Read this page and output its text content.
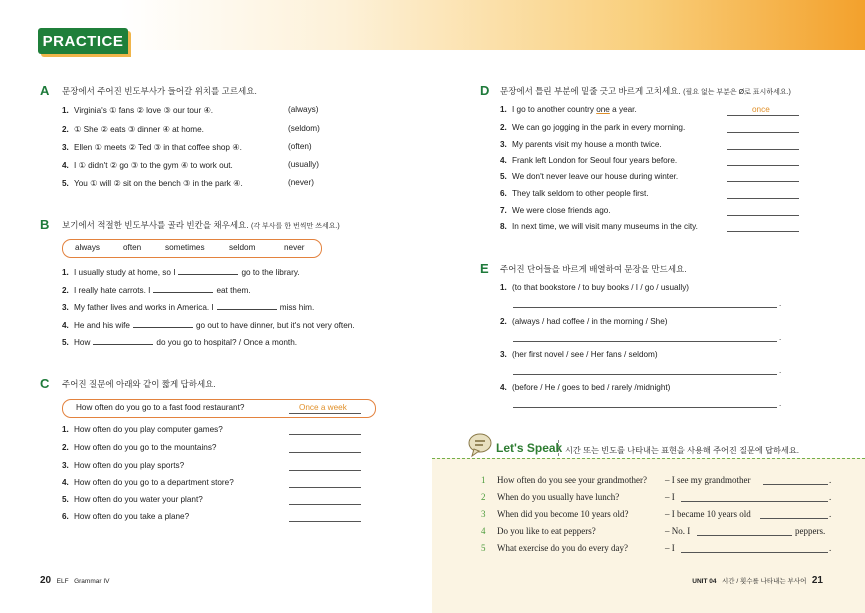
PRACTICE
A 문장에서 주어진 빈도부사가 들어갈 위치를 고르세요.
1. Virginia's ① fans ② love ③ our tour ④.	(always)
2. ① She ② eats ③ dinner ④ at home.	(seldom)
3. Ellen ① meets ② Ted ③ in that coffee shop ④.	(often)
4. I ① didn't ② go ③ to the gym ④ to work out.	(usually)
5. You ① will ② sit on the bench ③ in the park ④.	(never)
B 보기에서 적절한 빈도부사를 골라 빈칸을 채우세요. (각 부사를 한 번씩만 쓰세요.)
always	often	sometimes	seldom	never
1. I usually study at home, so I	go to the library.
2. I really hate carrots. I	eat them.
3. My father lives and works in America. I	miss him.
4. He and his wife	go out to have dinner, but it's not very often.
5. How	do you go to hospital? / Once a month.
C 주어진 질문에 아래와 같이 짧게 답하세요.
How often do you go to a fast food restaurant?	Once a week
1. How often do you play computer games?
2. How often do you go to the mountains?
3. How often do you play sports?
4. How often do you go to a department store?
5. How often do you water your plant?
6. How often do you take a plane?
D 문장에서 틀린 부분에 밑줄 긋고 바르게 고치세요. (필요 없는 부분은 Ø로 표시하세요.)
1. I go to another country one a year.	once
2. We can go jogging in the park in every morning.
3. My parents visit my house a month twice.
4. Frank left London for Seoul four years before.
5. We don't never leave our house during winter.
6. They talk seldom to other people first.
7. We were close friends ago.
8. In next time, we will visit many museums in the city.
E 주어진 단어들을 바르게 배열하여 문장을 만드세요.
1. (to that bookstore / to buy books / I / go / usually)
.
2. (always / had coffee / in the morning / She)
.
3. (her first novel / see / Her fans / seldom)
.
4. (before / He / goes to bed / rarely /midnight)
.
Let's Speak 시간 또는 빈도를 나타내는 표현을 사용해 주어진 질문에 답하세요.
1 How often do you see your grandmother? – I see my grandmother	.
2 When do you usually have lunch?	– I	.
3 When did you become 10 years old?	– I became 10 years old	.
4 Do you like to eat peppers?	– No. I	peppers.
5 What exercise do you do every day?	– I	.
20 ELF Grammar IV	UNIT 04 시간 / 횟수를 나타내는 부사어 21
